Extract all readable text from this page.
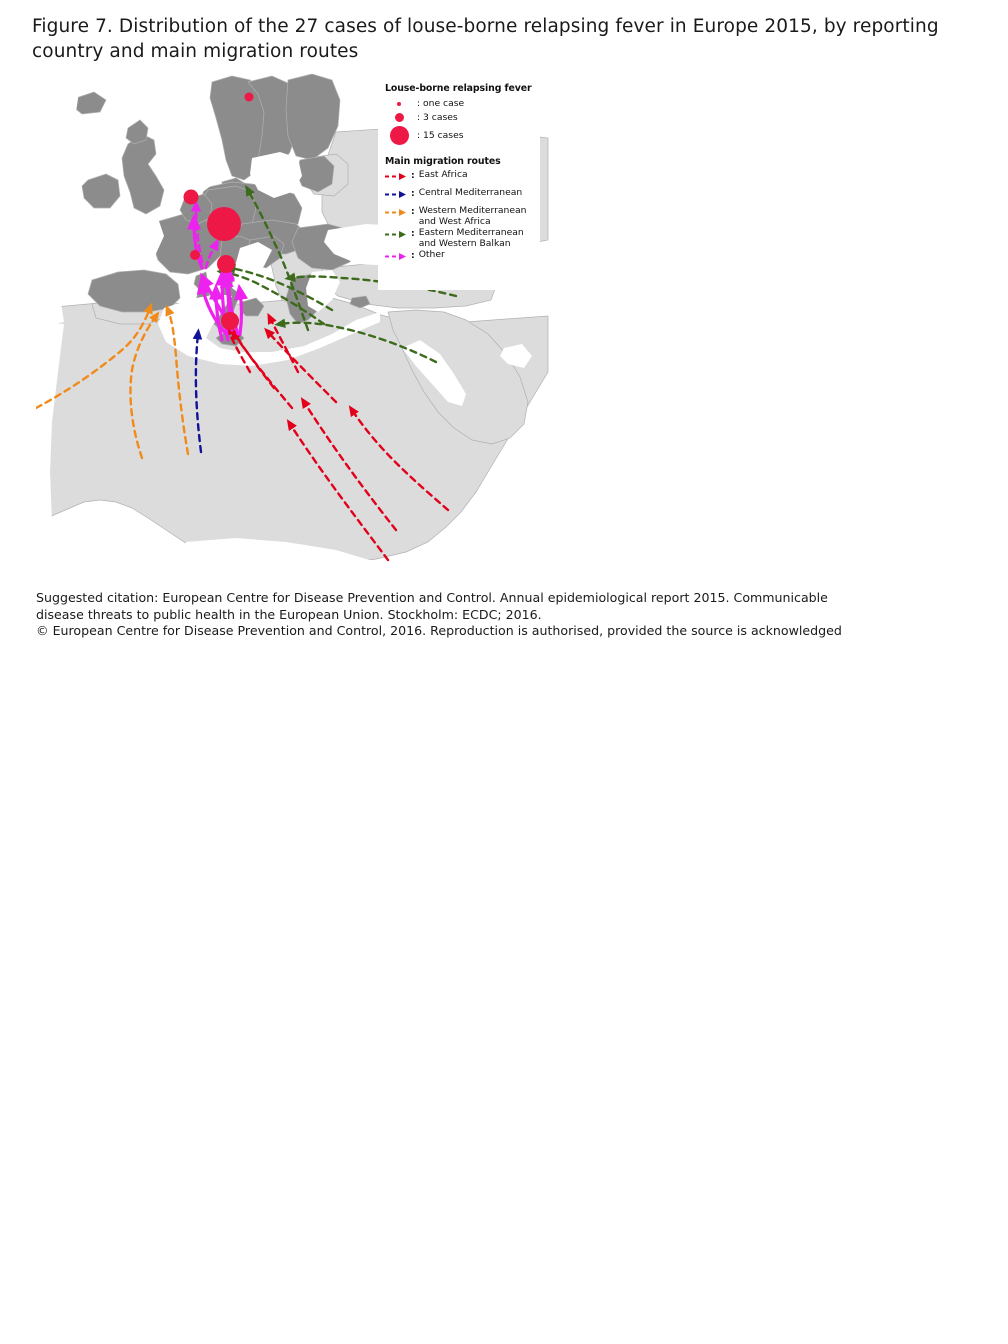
Figure 7. Distribution of the 27 cases of louse-borne relapsing fever in Europe 2015, by reporting country and main migration routes
Louse-borne relapsing fever
: one case
: 3 cases
: 15 cases
Main migration routes
: East Africa
: Central Mediterranean
: Western Mediterranean
and West Africa
: Eastern Mediterranean
and Western Balkan
: Other
Suggested citation: European Centre for Disease Prevention and Control. Annual epidemiological report 2015. Communicable
disease threats to public health in the European Union. Stockholm: ECDC; 2016.
© European Centre for Disease Prevention and Control, 2016. Reproduction is authorised, provided the source is acknowledged
